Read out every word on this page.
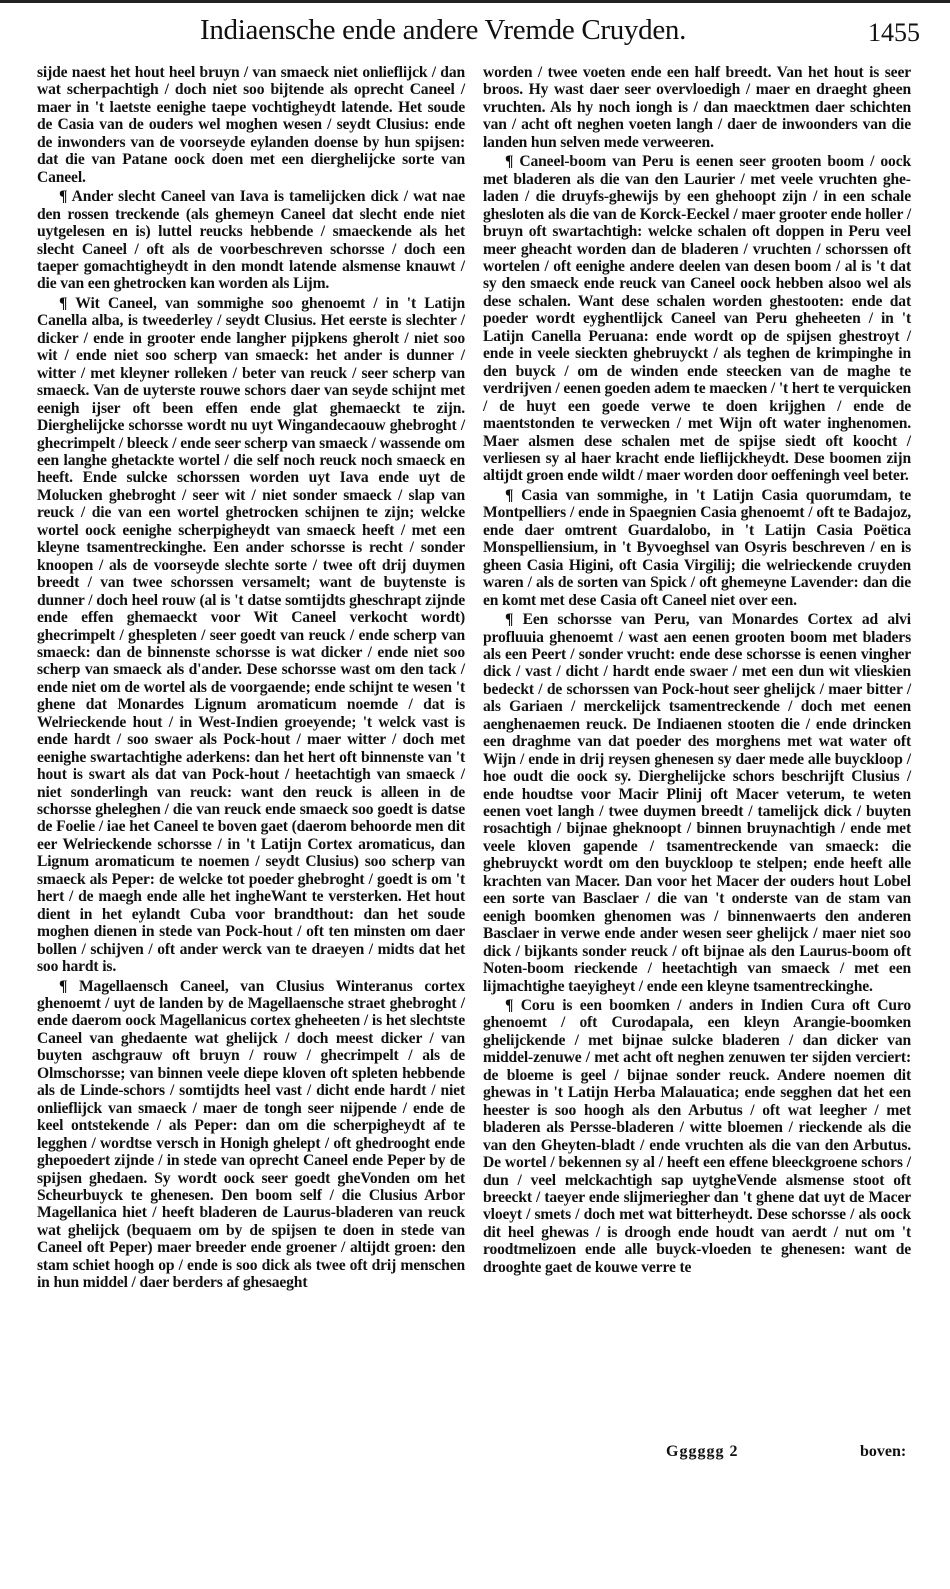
Indiaensche ende andere Vremde Cruyden.	1455

sijde naest het hout heel bruyn / van smaeck niet onlieflijck / dan wat scherpachtigh / doch niet soo bijtende als oprecht Caneel / maer in 't laetste eenighe taepe vochtigheydt latende. Het soude de Casia van de ouders wel moghen wesen / seydt Clusius: ende de inwonders van de voorseyde eylanden doense by hun spijsen: dat die van Patane oock doen met een dierghelijcke sorte van Caneel.

¶ Ander slecht Caneel van Iava is tamelijcken dick / wat nae den rossen treckende (als ghemeyn Caneel dat slecht ende niet uytgelesen en is) luttel reucks hebbende / smaeckende als het slecht Caneel / oft als de voorbeschreven schorsse / doch een taeper gomachtigheydt in den mondt latende alsmense knauwt / die van een ghetrocken kan worden als Lijm.

¶ Wit Caneel, van sommighe soo ghenoemt / in 't Latijn Canella alba, is tweederley / seydt Clusius. Het eerste is slechter / dicker / ende in grooter ende langher pijpkens gherolt / niet soo wit / ende niet soo scherp van smaeck: het ander is dunner / witter / met kleyner rolleken / beter van reuck / seer scherp van smaeck. Van de uyterste rouwe schors daer van seyde schijnt met eenigh ijser oft been effen ende glat ghemaeckt te zijn. Dierghelijcke schorsse wordt nu uyt Wingandecaouw ghebroght / ghecrimpelt / bleeck / ende seer scherp van smaeck / wassende om een langhe ghetackte wortel / die self noch reuck noch smaeck en heeft. Ende sulcke schorssen worden uyt Iava ende uyt de Molucken ghebroght / seer wit / niet sonder smaeck / slap van reuck / die van een wortel ghetrocken schijnen te zijn; welcke wortel oock eenighe scherpigheydt van smaeck heeft / met een kleyne tsamentreckinghe. Een ander schorsse is recht / sonder knoopen / als de voorseyde slechte sorte / twee oft drij duymen breedt / van twee schorssen versamelt; want de buytenste is dunner / doch heel rouw (al is 't datse somtijdts gheschrapt zijnde ende effen ghemaeckt voor Wit Caneel verkocht wordt) ghecrimpelt / ghespleten / seer goedt van reuck / ende scherp van smaeck: dan de binnenste schorsse is wat dicker / ende niet soo scherp van smaeck als d'ander. Dese schorsse wast om den tack / ende niet om de wortel als de voorgaende; ende schijnt te wesen 't ghene dat Monardes Lignum aromaticum noemde / dat is Welrieckende hout / in West-Indien groeyende; 't welck vast is ende hardt / soo swaer als Pock-hout / maer witter / doch met eenighe swartachtighe aderkens: dan het hert oft binnenste van 't hout is swart als dat van Pock-hout / heetachtigh van smaeck / niet sonderlingh van reuck: want den reuck is alleen in de schorsse gheleghen / die van reuck ende smaeck soo goedt is datse de Foelie / iae het Caneel te boven gaet (daerom behoorde men dit eer Welrieckende schorsse / in 't Latijn Cortex aromaticus, dan Lignum aromaticum te noemen / seydt Clusius) soo scherp van smaeck als Peper: de welcke tot poeder ghebroght / goedt is om 't hert / de maegh ende alle het ingheWant te versterken. Het hout dient in het eylandt Cuba voor brandthout: dan het soude moghen dienen in stede van Pock-hout / oft ten minsten om daer bollen / schijven / oft ander werck van te draeyen / midts dat het soo hardt is.

¶ Magellaensch Caneel, van Clusius Winteranus cortex ghenoemt / uyt de landen by de Magellaensche straet ghebroght / ende daerom oock Magellanicus cortex gheheeten / is het slechtste Caneel van ghedaente wat ghelijck / doch meest dicker / van buyten aschgrauw oft bruyn / rouw / ghecrimpelt / als de Olmschorsse; van binnen veele diepe kloven oft spleten hebbende als de Linde-schors / somtijdts heel vast / dicht ende hardt / niet onlieflijck van smaeck / maer de tongh seer nijpende / ende de keel ontstekende / als Peper: dan om die scherpigheydt af te legghen / wordtse versch in Honigh ghelept / oft ghedrooght ende ghepoedert zijnde / in stede van oprecht Caneel ende Peper by de spijsen ghedaen. Sy wordt oock seer goedt gheVonden om het Scheurbuyck te ghenesen. Den boom self / die Clusius Arbor Magellanica hiet / heeft bladeren de Laurus-bladeren van reuck wat ghelijck (bequaem om by de spijsen te doen in stede van Caneel oft Peper) maer breeder ende groener / altijdt groen: den stam schiet hoogh op / ende is soo dick als twee oft drij menschen in hun middel / daer berders af ghesaeght

worden / twee voeten ende een half breedt. Van het hout is seer broos. Hy wast daer seer overvloedigh / maer en draeght gheen vruchten. Als hy noch iongh is / dan maecktmen daer schichten van / acht oft neghen voeten langh / daer de inwoonders van die landen hun selven mede verweeren.

¶ Caneel-boom van Peru is eenen seer grooten boom / oock met bladeren als die van den Laurier / met veele vruchten gheladen / die druyfs-ghewijs by een ghehoopt zijn / in een schale ghesloten als die van de Korck-Eeckel / maer grooter ende holler / bruyn oft swartachtigh: welcke schalen oft doppen in Peru veel meer gheacht worden dan de bladeren / vruchten / schorssen oft wortelen / oft eenighe andere deelen van desen boom / al is 't dat sy den smaeck ende reuck van Caneel oock hebben alsoo wel als dese schalen. Want dese schalen worden ghestooten: ende dat poeder wordt eyghentlijck Caneel van Peru gheheeten / in 't Latijn Canella Peruana: ende wordt op de spijsen ghestroyt / ende in veele sieckten ghebruyckt / als teghen de krimpinghe in den buyck / om de winden ende steecken van de maghe te verdrijven / eenen goeden adem te maecken / 't hert te verquicken / de huyt een goede verwe te doen krijghen / ende de maentstonden te verwecken / met Wijn oft water inghenomen. Maer alsmen dese schalen met de spijse siedt oft koocht / verliesen sy al haer kracht ende lieflijckheydt. Dese boomen zijn altijdt groen ende wildt / maer worden door oeffeningh veel beter.

¶ Casia van sommighe, in 't Latijn Casia quorumdam, te Montpelliers / ende in Spaegnien Casia ghenoemt / oft te Badajoz, ende daer omtrent Guardalobo, in 't Latijn Casia Poëtica Monspelliensium, in 't Byvoeghsel van Osyris beschreven / en is gheen Casia Higini, oft Casia Virgilij; die welrieckende cruyden waren / als de sorten van Spick / oft ghemeyne Lavender: dan die en komt met dese Casia oft Caneel niet over een.

¶ Een schorsse van Peru, van Monardes Cortex ad alvi profluuia ghenoemt / wast aen eenen grooten boom met bladers als een Peert / sonder vrucht: ende dese schorsse is eenen vingher dick / vast / dicht / hardt ende swaer / met een dun wit vlieskien bedeckt / de schorssen van Pock-hout seer ghelijck / maer bitter / als Gariaen / merckelijck tsamentreckende / doch met eenen aenghenaemen reuck. De Indiaenen stooten die / ende drincken een draghme van dat poeder des morghens met wat water oft Wijn / ende in drij reysen ghenesen sy daer mede alle buyckloop / hoe oudt die oock sy. Dierghelijcke schors beschrijft Clusius / ende houdtse voor Macir Plinij oft Macer veterum, te weten eenen voet langh / twee duymen breedt / tamelijck dick / buyten rosachtigh / bijnae gheknoopt / binnen bruynachtigh / ende met veele kloven gapende / tsamentreckende van smaeck: die ghebruyckt wordt om den buyckloop te stelpen; ende heeft alle krachten van Macer. Dan voor het Macer der ouders hout Lobel een sorte van Basclaer / die van 't onderste van de stam van eenigh boomken ghenomen was / binnenwaerts den anderen Basclaer in verwe ende ander wesen seer ghelijck / maer niet soo dick / bijkants sonder reuck / oft bijnae als den Laurus-boom oft Noten-boom rieckende / heetachtigh van smaeck / met een lijmachtighe taeyigheyt / ende een kleyne tsamentreckinghe.

¶ Coru is een boomken / anders in Indien Cura oft Curo ghenoemt / oft Curodapala, een kleyn Arangie-boomken ghelijckende / met bijnae sulcke bladeren / dan dicker van middel-zenuwe / met acht oft neghen zenuwen ter sijden verciert: de bloeme is geel / bijnae sonder reuck. Andere noemen dit ghewas in 't Latijn Herba Malauatica; ende segghen dat het een heester is soo hoogh als den Arbutus / oft wat leegher / met bladeren als Persse-bladeren / witte bloemen / rieckende als die van den Gheyten-bladt / ende vruchten als die van den Arbutus. De wortel / bekennen sy al / heeft een effene bleeckgroene schors / dun / veel melckachtigh sap uytgheVende alsmense stoot oft breeckt / taeyer ende slijmeriegher dan 't ghene dat uyt de Macer vloeyt / smets / doch met wat bitterheydt. Dese schorsse / als oock dit heel ghewas / is droogh ende houdt van aerdt / nut om 't roodtmelizoen ende alle buyck-vloeden te ghenesen: want de drooghte gaet de kouwe verre te

Gggggg 2	boven:
